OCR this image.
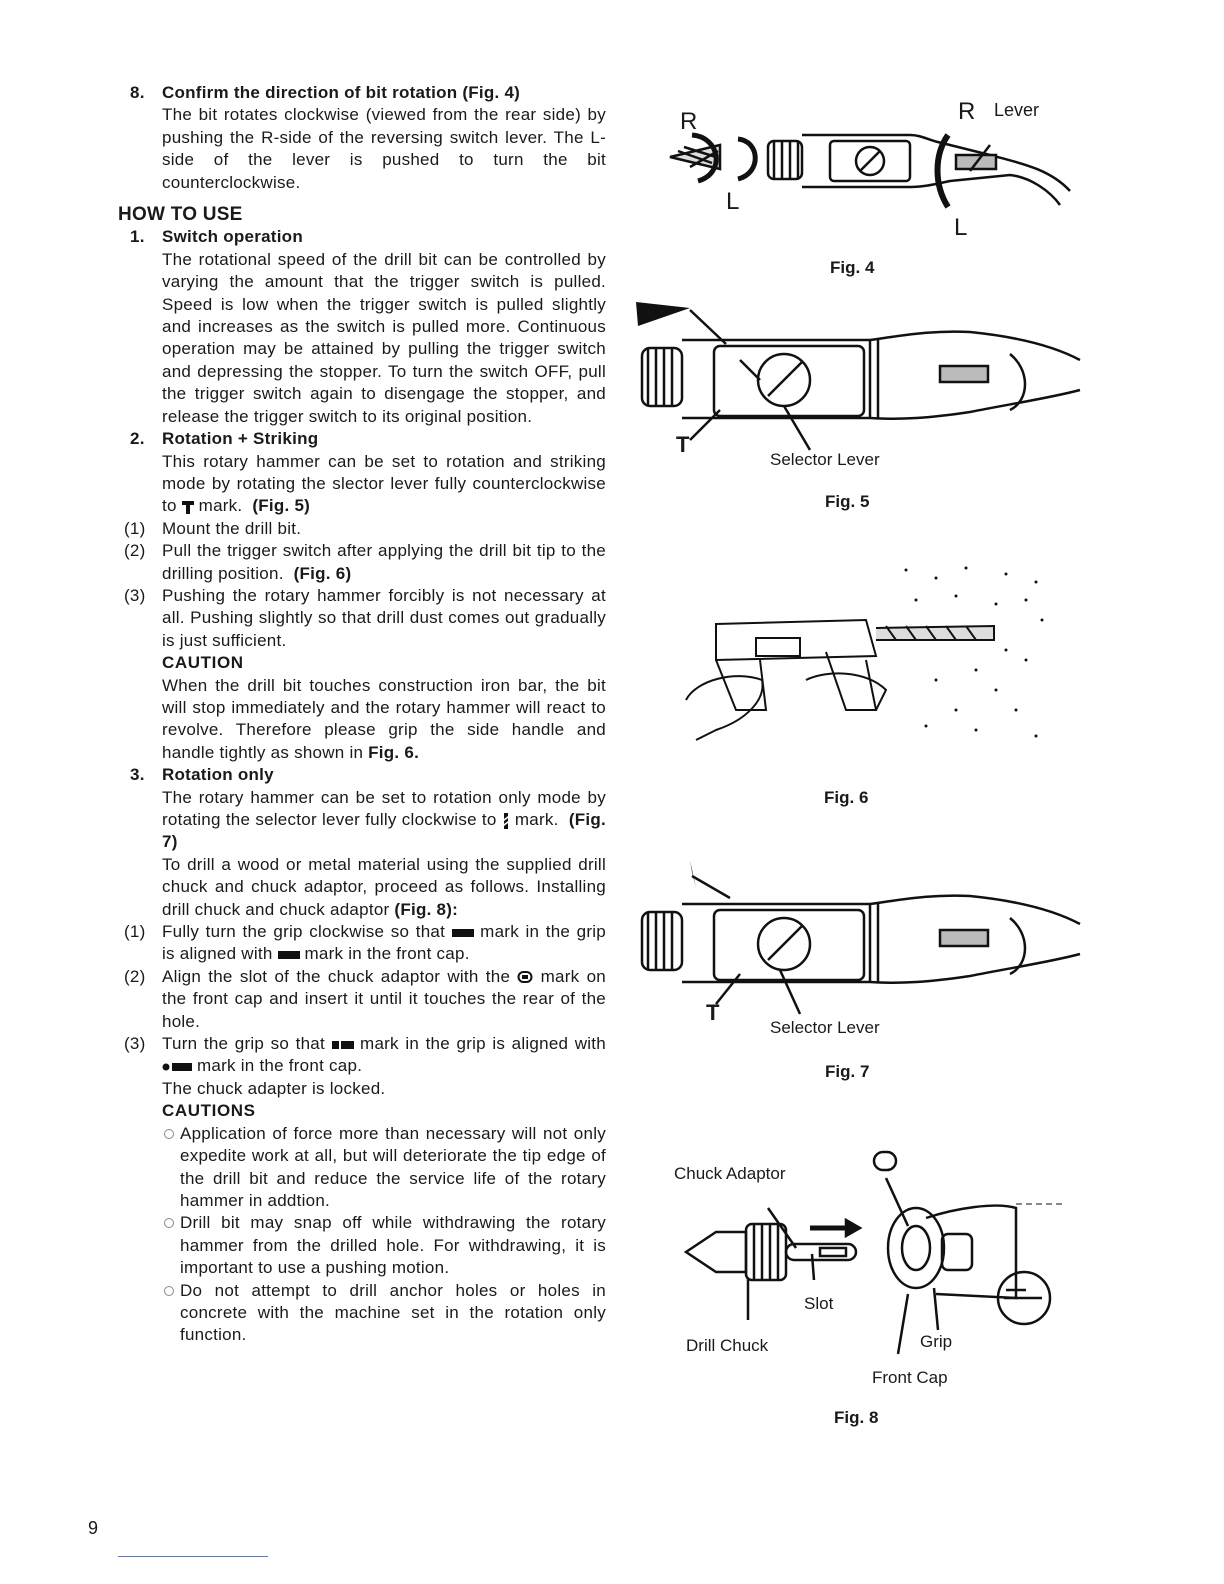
8. Confirm the direction of bit rotation (Fig. 4)

The bit rotates clockwise (viewed from the rear side) by pushing the R-side of the reversing switch lever. The L-side of the lever is pushed to turn the bit counterclockwise.

HOW TO USE

1. Switch operation

The rotational speed of the drill bit can be controlled by varying the amount that the trigger switch is pulled. Speed is low when the trigger switch is pulled slightly and increases as the switch is pulled more. Continuous operation may be attained by pulling the trigger switch and depressing the stopper. To turn the switch OFF, pull the trigger switch again to disengage the stopper, and release the trigger switch to its original position.

2. Rotation + Striking

This rotary hammer can be set to rotation and striking mode by rotating the slector lever fully counterclockwise to mark. (Fig. 5)

(1) Mount the drill bit.

(2) Pull the trigger switch after applying the drill bit tip to the drilling position. (Fig. 6)

(3) Pushing the rotary hammer forcibly is not necessary at all. Pushing slightly so that drill dust comes out gradually is just sufficient.

CAUTION

When the drill bit touches construction iron bar, the bit will stop immediately and the rotary hammer will react to revolve. Therefore please grip the side handle and handle tightly as shown in Fig. 6.

3. Rotation only

The rotary hammer can be set to rotation only mode by rotating the selector lever fully clockwise to mark. (Fig. 7)

To drill a wood or metal material using the supplied drill chuck and chuck adaptor, proceed as follows. Installing drill chuck and chuck adaptor (Fig. 8):

(1) Fully turn the grip clockwise so that mark in the grip is aligned with mark in the front cap.

(2) Align the slot of the chuck adaptor with the mark on the front cap and insert it until it touches the rear of the hole.

(3) Turn the grip so that mark in the grip is aligned with  mark in the front cap.
The chuck adapter is locked.

CAUTIONS

Application of force more than necessary will not only expedite work at all, but will deteriorate the tip edge of the drill bit and reduce the service life of the rotary hammer in addtion.

Drill bit may snap off while withdrawing the rotary hammer from the drilled hole. For withdrawing, it is important to use a pushing motion.

Do not attempt to drill anchor holes or holes in concrete with the machine set in the rotation only function.

R
L
R Lever
L
Fig. 4
T
Selector Lever
Fig. 5
Fig. 6
T
Selector Lever
Fig. 7
Chuck Adaptor
Slot
Drill Chuck	Grip
Front Cap
Fig. 8
9
